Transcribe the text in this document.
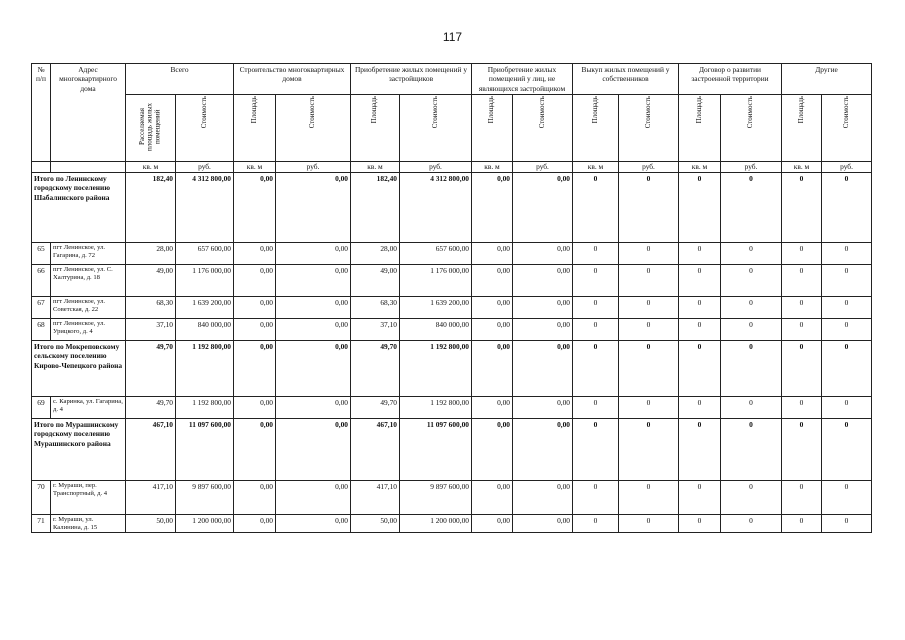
117
№ п/п	Адрес многоквартирного дома	Всего		Строительство многоквартирных домов		Приобретение жилых помещений у застройщиков		Приобретение жилых помещений у лиц, не являющихся застройщиком		Выкуп жилых помещений у собственников		Договор о развитии застроенной территории		Другие	
		Расселяемая площадь жилых помещений	Стоимость	Площадь	Стоимость	Площадь	Стоимость	Площадь	Стоимость	Площадь	Стоимость	Площадь	Стоимость	Площадь	Стоимость
		кв. м	руб.	кв. м	руб.	кв. м	руб.	кв. м	руб.	кв. м	руб.	кв. м	руб.	кв. м	руб.
Итого по Ленинскому городскому поселению Шабалинского района		182,40	4 312 800,00	0,00	0,00	182,40	4 312 800,00	0,00	0,00	0	0	0	0	0	0
65	пгт Ленинское, ул. Гагарина, д. 72	28,00	657 600,00	0,00	0,00	28,00	657 600,00	0,00	0,00	0	0	0	0	0	0
66	пгт Ленинское, ул. С. Халтурина, д. 18	49,00	1 176 000,00	0,00	0,00	49,00	1 176 000,00	0,00	0,00	0	0	0	0	0	0
67	пгт Ленинское, ул. Советская, д. 22	68,30	1 639 200,00	0,00	0,00	68,30	1 639 200,00	0,00	0,00	0	0	0	0	0	0
68	пгт Ленинское, ул. Урицкого, д. 4	37,10	840 000,00	0,00	0,00	37,10	840 000,00	0,00	0,00	0	0	0	0	0	0
Итого по Мокреповскому сельскому поселению Кирово-Чепецкого района		49,70	1 192 800,00	0,00	0,00	49,70	1 192 800,00	0,00	0,00	0	0	0	0	0	0
69	с. Каринка, ул. Гагарина, д. 4	49,70	1 192 800,00	0,00	0,00	49,70	1 192 800,00	0,00	0,00	0	0	0	0	0	0
Итого по Мурашинскому городскому поселению Мурашинского района		467,10	11 097 600,00	0,00	0,00	467,10	11 097 600,00	0,00	0,00	0	0	0	0	0	0
70	г. Мураши, пер. Транспортный, д. 4	417,10	9 897 600,00	0,00	0,00	417,10	9 897 600,00	0,00	0,00	0	0	0	0	0	0
71	г. Мураши, ул. Калинина, д. 15	50,00	1 200 000,00	0,00	0,00	50,00	1 200 000,00	0,00	0,00	0	0	0	0	0	0
